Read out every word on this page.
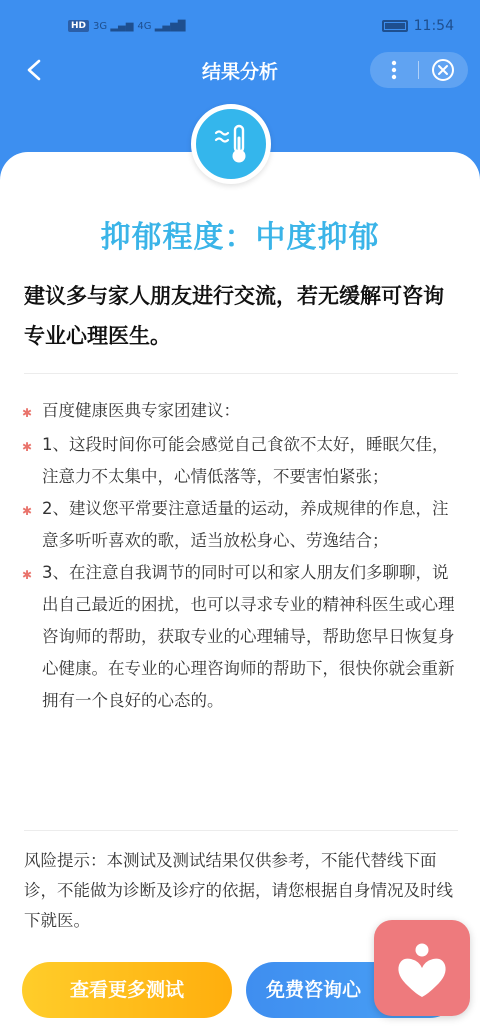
HD 3G ▂▄▆ 4G ▂▄▆█	11:54
结果分析
抑郁程度：中度抑郁
建议多与家人朋友进行交流，若无缓解可咨询专业心理医生。
✱ 百度健康医典专家团建议：
✱ 1、这段时间你可能会感觉自己食欲不太好，睡眠欠佳，注意力不太集中，心情低落等，不要害怕紧张；
✱ 2、建议您平常要注意适量的运动，养成规律的作息，注意多听听喜欢的歌，适当放松身心、劳逸结合；
✱ 3、在注意自我调节的同时可以和家人朋友们多聊聊，说出自己最近的困扰，也可以寻求专业的精神科医生或心理咨询师的帮助，获取专业的心理辅导，帮助您早日恢复身心健康。在专业的心理咨询师的帮助下，很快你就会重新拥有一个良好的心态的。
风险提示：本测试及测试结果仅供参考，不能代替线下面诊，不能做为诊断及诊疗的依据，请您根据自身情况及时线下就医。
查看更多测试	免费咨询心
